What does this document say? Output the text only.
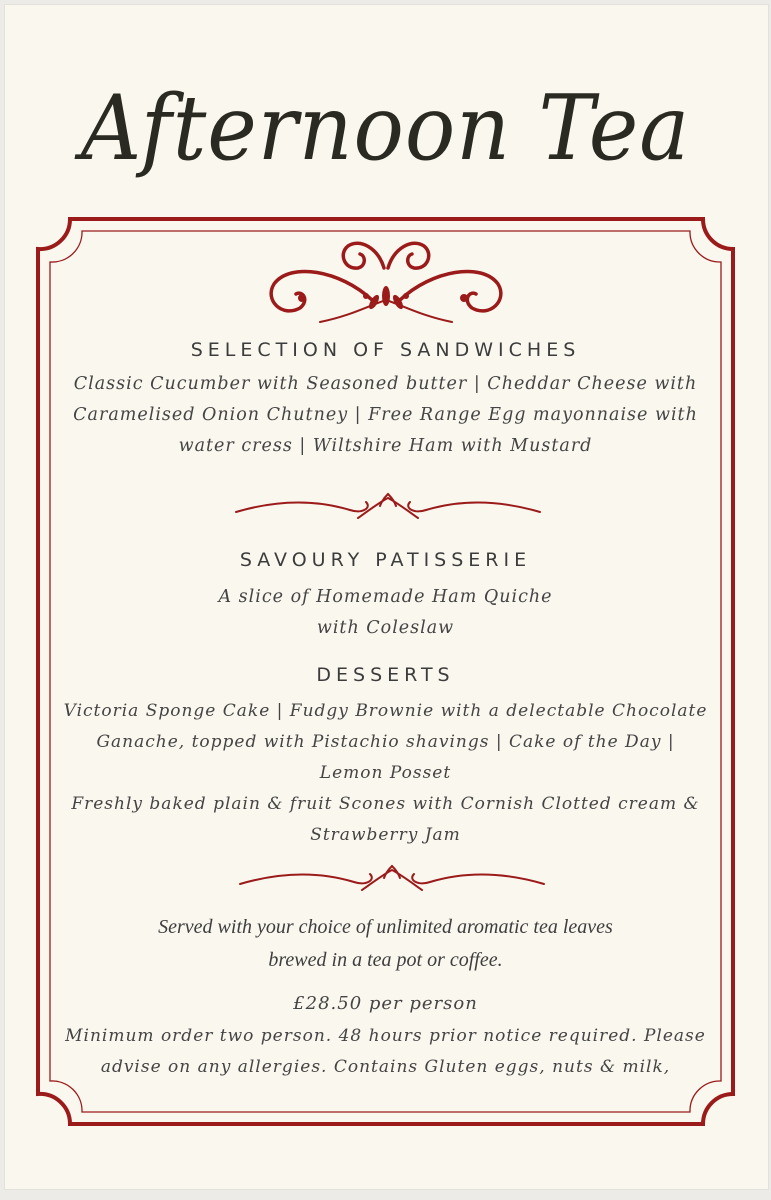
Afternoon Tea
SELECTION OF SANDWICHES

Classic Cucumber with Seasoned butter | Cheddar Cheese with

Caramelised Onion Chutney | Free Range Egg mayonnaise with

water cress | Wiltshire Ham with Mustard

SAVOURY PATISSERIE

A slice of Homemade Ham Quiche

with Coleslaw

DESSERTS

Victoria Sponge Cake | Fudgy Brownie with a delectable Chocolate

Ganache, topped with Pistachio shavings | Cake of the Day |

Lemon Posset

Freshly baked plain & fruit Scones with Cornish Clotted cream &

Strawberry Jam

Served with your choice of unlimited aromatic tea leaves

brewed in a tea pot or coffee.

£28.50 per person

Minimum order two person. 48 hours prior notice required. Please

advise on any allergies. Contains Gluten eggs, nuts & milk,
